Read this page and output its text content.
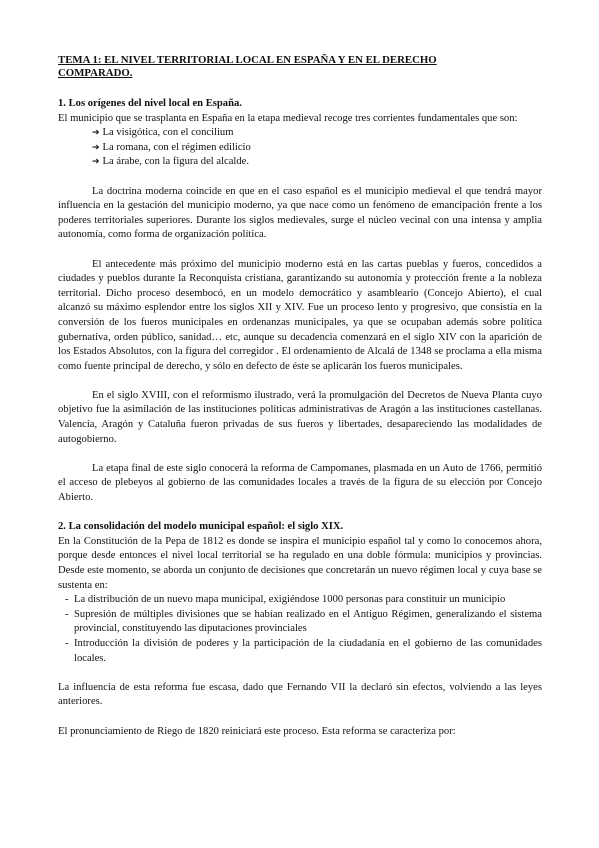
TEMA 1: EL NIVEL TERRITORIAL LOCAL EN ESPAÑA Y EN EL DERECHO
COMPARADO.
1. Los orígenes del nivel local en España.

El municipio que se trasplanta en España en la etapa medieval recoge tres corrientes fundamentales que son:

➔ La visigótica, con el concilium
➔ La romana, con el régimen edilicio
➔ La árabe, con la figura del alcalde.

La doctrina moderna coincide en que en el caso español es el municipio medieval el que tendrá mayor influencia en la gestación del municipio moderno, ya que nace como un fenómeno de emancipación frente a los poderes territoriales superiores. Durante los siglos medievales, surge el núcleo vecinal con una intensa y amplia autonomía, como forma de organización política.

El antecedente más próximo del municipio moderno está en las cartas pueblas y fueros, concedidos a ciudades y pueblos durante la Reconquista cristiana, garantizando su autonomía y protección frente a la nobleza territorial. Dicho proceso desembocó, en un modelo democrático y asambleario (Concejo Abierto), el cual alcanzó su máximo esplendor entre los siglos XII y XIV. Fue un proceso lento y progresivo, que consistía en la conversión de los fueros municipales en ordenanzas municipales, ya que se ocupaban además sobre política gubernativa, orden público, sanidad… etc, aunque su decadencia comenzará en el siglo XIV con la aparición de los Estados Absolutos, con la figura del corregidor . El ordenamiento de Alcalá de 1348 se proclama a ella misma como fuente principal de derecho, y sólo en defecto de éste se aplicarán los fueros municipales.

En el siglo XVIII, con el reformismo ilustrado, verá la promulgación del Decretos de Nueva Planta cuyo objetivo fue la asimilación de las instituciones políticas administrativas de Aragón a las instituciones castellanas. Valencia, Aragón y Cataluña fueron privadas de sus fueros y libertades, desapareciendo las modalidades de autogobierno.

La etapa final de este siglo conocerá la reforma de Campomanes, plasmada en un Auto de 1766, permitió el acceso de plebeyos al gobierno de las comunidades locales a través de la figura de su elección por Concejo Abierto.

2. La consolidación del modelo municipal español: el siglo XIX.

En la Constitución de la Pepa de 1812 es donde se inspira el municipio español tal y como lo conocemos ahora, porque desde entonces el nivel local territorial se ha regulado en una doble fórmula: municipios y provincias. Desde este momento, se aborda un conjunto de decisiones que concretarán un nuevo régimen local y cuya base se sustenta en:

- La distribución de un nuevo mapa municipal, exigiéndose 1000 personas para constituir un municipio
- Supresión de múltiples divisiones que se habían realizado en el Antiguo Régimen, generalizando el sistema provincial, constituyendo las diputaciones provinciales
- Introducción la división de poderes y la participación de la ciudadanía en el gobierno de las comunidades locales.

La influencia de esta reforma fue escasa, dado que Fernando VII la declaró sin efectos, volviendo a las leyes anteriores.

El pronunciamiento de Riego de 1820 reiniciará este proceso. Esta reforma se caracteriza por:
